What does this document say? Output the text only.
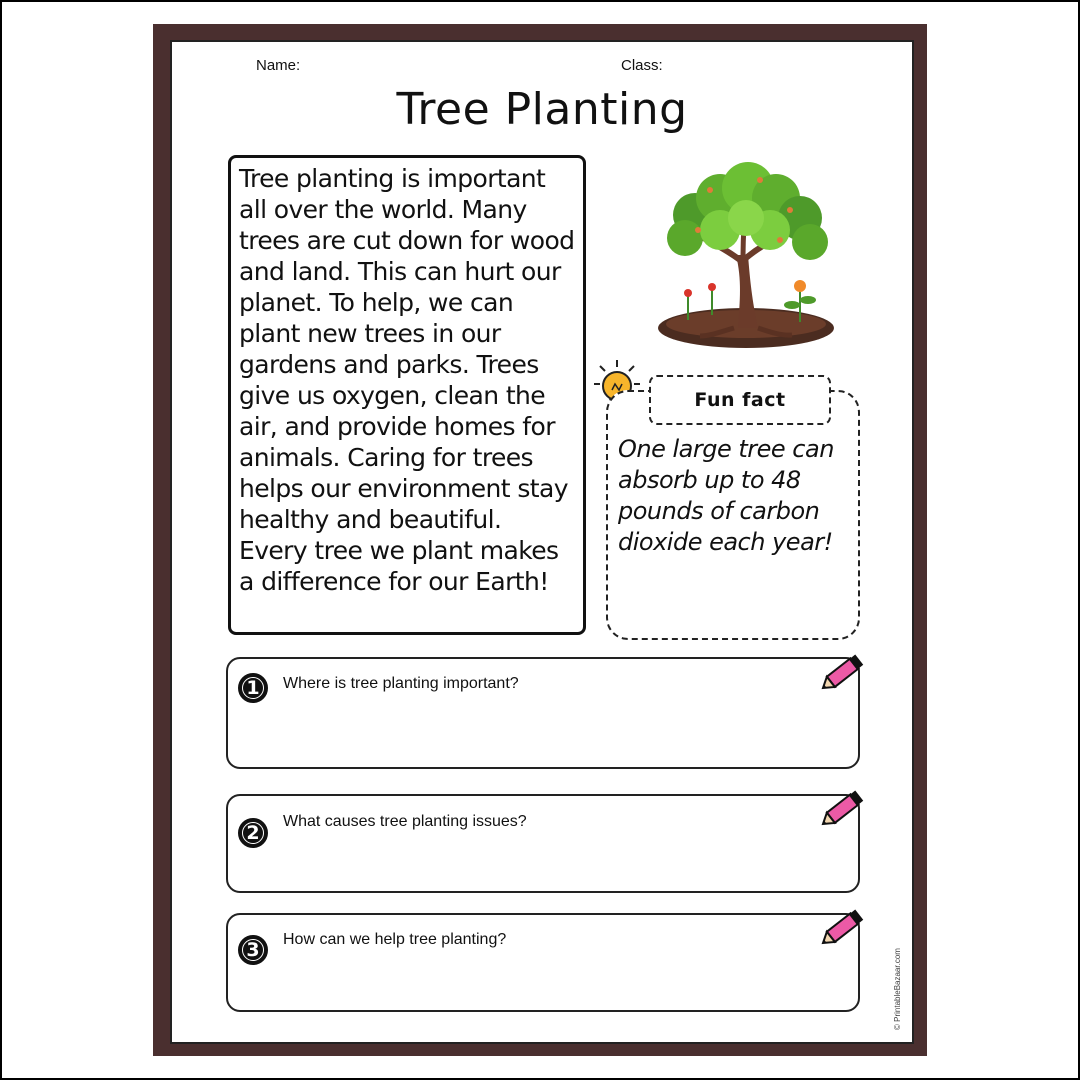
Name:	Class:
Tree Planting

Tree planting is important all over the world. Many trees are cut down for wood and land. This can hurt our planet. To help, we can plant new trees in our gardens and parks. Trees give us oxygen, clean the air, and provide homes for animals. Caring for trees helps our environment stay healthy and beautiful. Every tree we plant makes a difference for our Earth!

Fun fact
One large tree can absorb up to 48 pounds of carbon dioxide each year!
1	Where is tree planting important?
2
What causes tree planting issues?
3	How can we help tree planting?
© PrintableBazaar.com
